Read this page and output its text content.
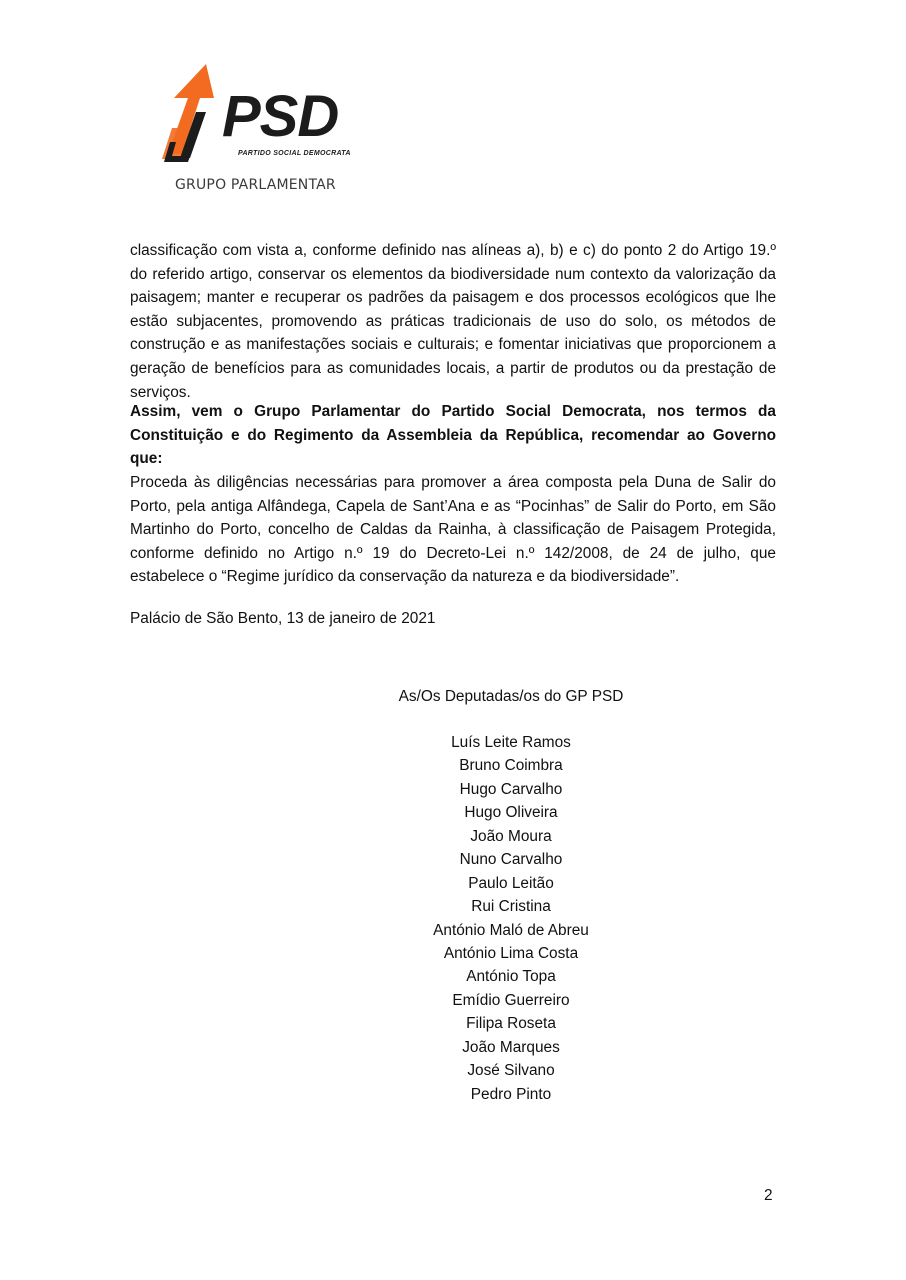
PSD
PARTIDO SOCIAL DEMOCRATA
GRUPO PARLAMENTAR

classificação com vista a, conforme definido nas alíneas a), b) e c) do ponto 2 do Artigo 19.º do referido artigo, conservar os elementos da biodiversidade num contexto da valorização da paisagem; manter e recuperar os padrões da paisagem e dos processos ecológicos que lhe estão subjacentes, promovendo as práticas tradicionais de uso do solo, os métodos de construção e as manifestações sociais e culturais; e fomentar iniciativas que proporcionem a geração de benefícios para as comunidades locais, a partir de produtos ou da prestação de serviços.

Assim, vem o Grupo Parlamentar do Partido Social Democrata, nos termos da Constituição e do Regimento da Assembleia da República, recomendar ao Governo que:

Proceda às diligências necessárias para promover a área composta pela Duna de Salir do Porto, pela antiga Alfândega, Capela de Sant’Ana e as “Pocinhas” de Salir do Porto, em São Martinho do Porto, concelho de Caldas da Rainha, à classificação de Paisagem Protegida, conforme definido no Artigo n.º 19 do Decreto-Lei n.º 142/2008, de 24 de julho, que estabelece o “Regime jurídico da conservação da natureza e da biodiversidade”.

Palácio de São Bento, 13 de janeiro de 2021
As/Os Deputadas/os do GP PSD
Luís Leite Ramos
Bruno Coimbra
Hugo Carvalho
Hugo Oliveira
João Moura
Nuno Carvalho
Paulo Leitão
Rui Cristina
António Maló de Abreu
António Lima Costa
António Topa
Emídio Guerreiro
Filipa Roseta
João Marques
José Silvano
Pedro Pinto
2
